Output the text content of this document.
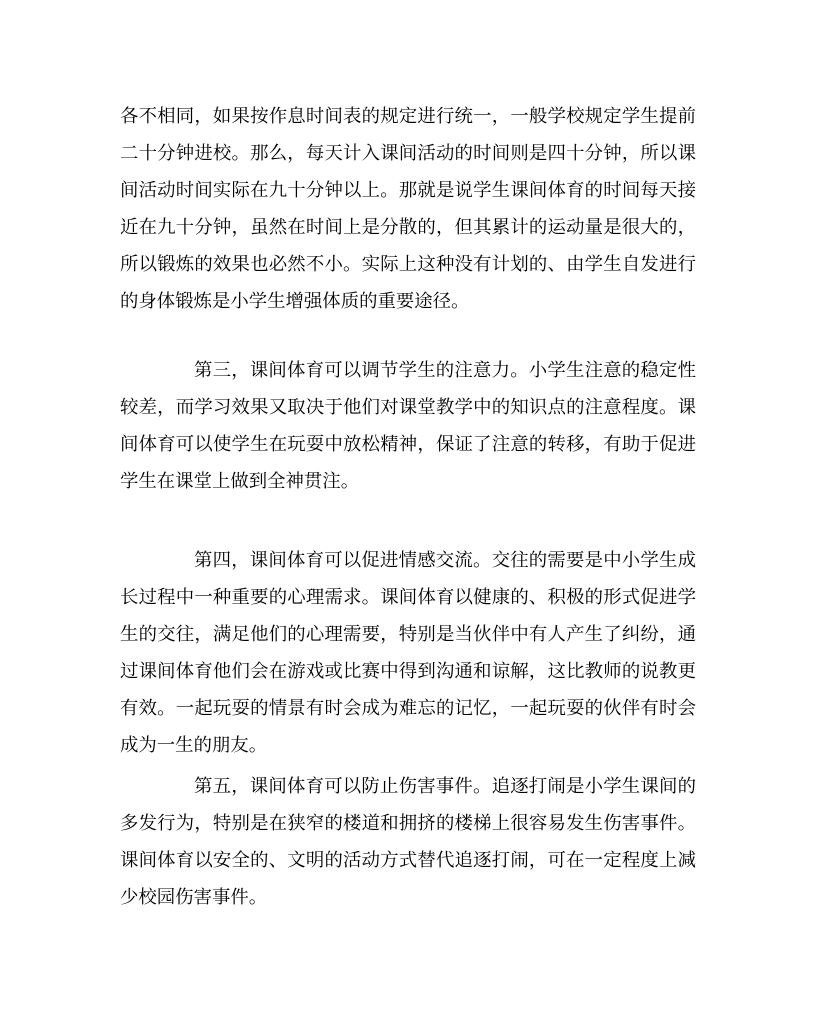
各不相同，如果按作息时间表的规定进行统一，一般学校规定学生提前
二十分钟进校。那么，每天计入课间活动的时间则是四十分钟，所以课
间活动时间实际在九十分钟以上。那就是说学生课间体育的时间每天接
近在九十分钟，虽然在时间上是分散的，但其累计的运动量是很大的，
所以锻炼的效果也必然不小。实际上这种没有计划的、由学生自发进行
的身体锻炼是小学生增强体质的重要途径。
第三，课间体育可以调节学生的注意力。小学生注意的稳定性
较差，而学习效果又取决于他们对课堂教学中的知识点的注意程度。课
间体育可以使学生在玩耍中放松精神，保证了注意的转移，有助于促进
学生在课堂上做到全神贯注。
第四，课间体育可以促进情感交流。交往的需要是中小学生成
长过程中一种重要的心理需求。课间体育以健康的、积极的形式促进学
生的交往，满足他们的心理需要，特别是当伙伴中有人产生了纠纷，通
过课间体育他们会在游戏或比赛中得到沟通和谅解，这比教师的说教更
有效。一起玩耍的情景有时会成为难忘的记忆，一起玩耍的伙伴有时会
成为一生的朋友。
第五，课间体育可以防止伤害事件。追逐打闹是小学生课间的
多发行为，特别是在狭窄的楼道和拥挤的楼梯上很容易发生伤害事件。
课间体育以安全的、文明的活动方式替代追逐打闹，可在一定程度上减
少校园伤害事件。
